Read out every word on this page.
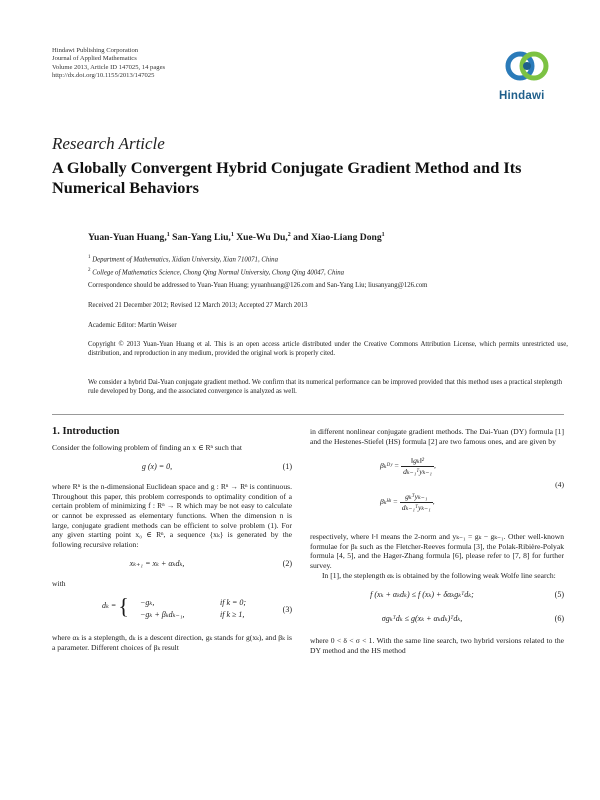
Hindawi Publishing Corporation
Journal of Applied Mathematics
Volume 2013, Article ID 147025, 14 pages
http://dx.doi.org/10.1155/2013/147025
Hindawi
Research Article
A Globally Convergent Hybrid Conjugate Gradient Method and Its Numerical Behaviors
Yuan-Yuan Huang,$^1$ San-Yang Liu,$^1$ Xue-Wu Du,$^2$ and Xiao-Liang Dong$^1$
$^1$ Department of Mathematics, Xidian University, Xian 710071, China
$^2$ College of Mathematics Science, Chong Qing Normal University, Chong Qing 40047, China
Correspondence should be addressed to Yuan-Yuan Huang; yyuanhuang@126.com and San-Yang Liu; liusanyang@126.com
Received 21 December 2012; Revised 12 March 2013; Accepted 27 March 2013
Academic Editor: Martin Weiser
Copyright © 2013 Yuan-Yuan Huang et al. This is an open access article distributed under the Creative Commons Attribution License, which permits unrestricted use, distribution, and reproduction in any medium, provided the original work is properly cited.
We consider a hybrid Dai-Yuan conjugate gradient method. We confirm that its numerical performance can be improved provided that this method uses a practical steplength rule developed by Dong, and the associated convergence is analyzed as well.
1. Introduction

Consider the following problem of finding an x ∈ Rⁿ such that

g (x) = 0,	(1)

where Rⁿ is the n-dimensional Euclidean space and g : Rⁿ → Rⁿ is continuous. Throughout this paper, this problem corresponds to optimality condition of a certain problem of minimizing f : Rⁿ → R which may be not easy to calculate or cannot be expressed as elementary functions. When the dimension n is large, conjugate gradient methods can be efficient to solve problem (1). For any given starting point x₀ ∈ Rⁿ, a sequence {xₖ} is generated by the following recursive relation:

xₖ₊₁ = xₖ + αₖdₖ,	(2)

with

dₖ = { −gₖ,
−gₖ + βₖdₖ₋₁,
if k = 0;
if k ≥ 1,
(3)

where αₖ is a steplength, dₖ is a descent direction, gₖ stands for g(xₖ), and βₖ is a parameter. Different choices of βₖ result

in different nonlinear conjugate gradient methods. The Dai-Yuan (DY) formula [1] and the Hestenes-Stiefel (HS) formula [2] are two famous ones, and are given by

βₖᴰʸ = $\frac{\text{‖gₖ‖²}}{\text{dₖ₋₁ᵀyₖ₋₁}}$ ,
βₖᴴˢ = $\frac{\text{gₖᵀyₖ₋₁}}{\text{dₖ₋₁ᵀyₖ₋₁}}$ ,
(4)

respectively, where ‖·‖ means the 2-norm and yₖ₋₁ = gₖ − gₖ₋₁. Other well-known formulae for βₖ such as the Fletcher-Reeves formula [3], the Polak-Ribière-Polyak formula [4, 5], and the Hager-Zhang formula [6], please refer to [7, 8] for further survey.

In [1], the steplength αₖ is obtained by the following weak Wolfe line search:

f (xₖ + αₖdₖ) ≤ f (xₖ) + δαₖgₖᵀdₖ;	(5)
σgₖᵀdₖ ≤ g(xₖ + αₖdₖ)ᵀdₖ,	(6)

where 0 < δ < σ < 1. With the same line search, two hybrid versions related to the DY method and the HS method
